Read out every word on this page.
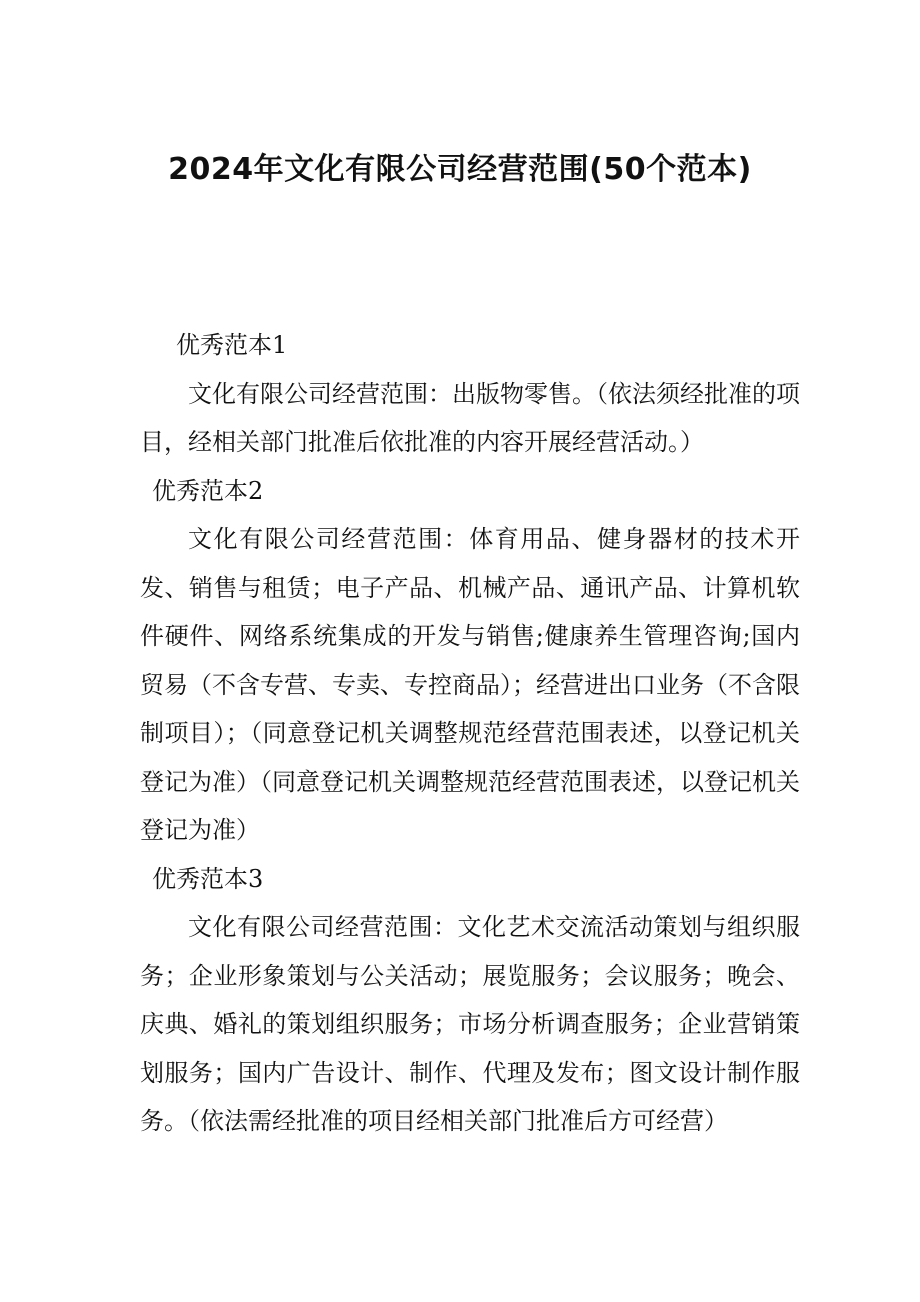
2024年文化有限公司经营范围(50个范本)

优秀范本1

文化有限公司经营范围：出版物零售。（依法须经批准的项目，经相关部门批准后依批准的内容开展经营活动。）

优秀范本2

文化有限公司经营范围：体育用品、健身器材的技术开发、销售与租赁；电子产品、机械产品、通讯产品、计算机软件硬件、网络系统集成的开发与销售;健康养生管理咨询;国内贸易（不含专营、专卖、专控商品）；经营进出口业务（不含限制项目）；（同意登记机关调整规范经营范围表述，以登记机关登记为准）（同意登记机关调整规范经营范围表述，以登记机关登记为准）

优秀范本3

文化有限公司经营范围：文化艺术交流活动策划与组织服务；企业形象策划与公关活动；展览服务；会议服务；晚会、庆典、婚礼的策划组织服务；市场分析调查服务；企业营销策划服务；国内广告设计、制作、代理及发布；图文设计制作服务。（依法需经批准的项目经相关部门批准后方可经营）
